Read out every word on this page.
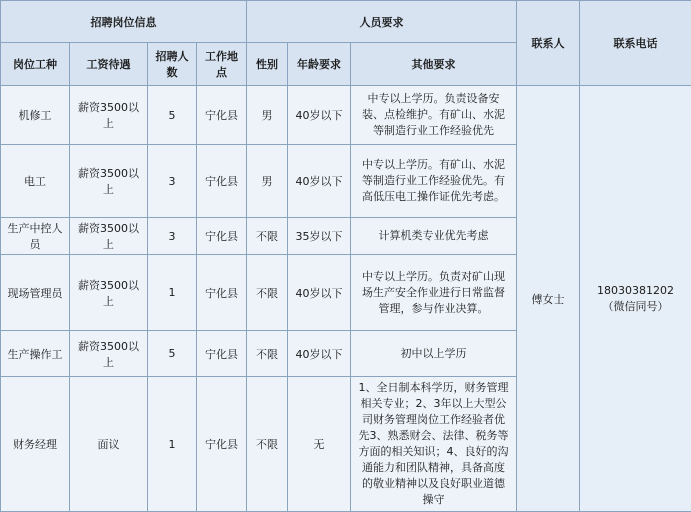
招聘岗位信息				人员要求			联系人	联系电话
岗位工种	工资待遇	招聘人数	工作地点	性别	年龄要求	其他要求		
机修工	薪资3500以上	5	宁化县	男	40岁以下	中专以上学历。负责设备安装、点检维护。有矿山、水泥等制造行业工作经验优先	傅女士	18030381202
（微信同号）

电工	薪资3500以上	3	宁化县	男	40岁以下	中专以上学历。有矿山、水泥等制造行业工作经验优先。有高低压电工操作证优先考虑。		
生产中控人员	薪资3500以上	3	宁化县	不限	35岁以下	计算机类专业优先考虑		
现场管理员	薪资3500以上	1	宁化县	不限	40岁以下	中专以上学历。负责对矿山现场生产安全作业进行日常监督管理，参与作业决算。		
生产操作工	薪资3500以上	5	宁化县	不限	40岁以下	初中以上学历		
财务经理	面议	1	宁化县	不限	无	1、全日制本科学历，财务管理相关专业；2、3年以上大型公司财务管理岗位工作经验者优先3、熟悉财会、法律、税务等方面的相关知识；4、良好的沟通能力和团队精神，具备高度的敬业精神以及良好职业道德操守		
